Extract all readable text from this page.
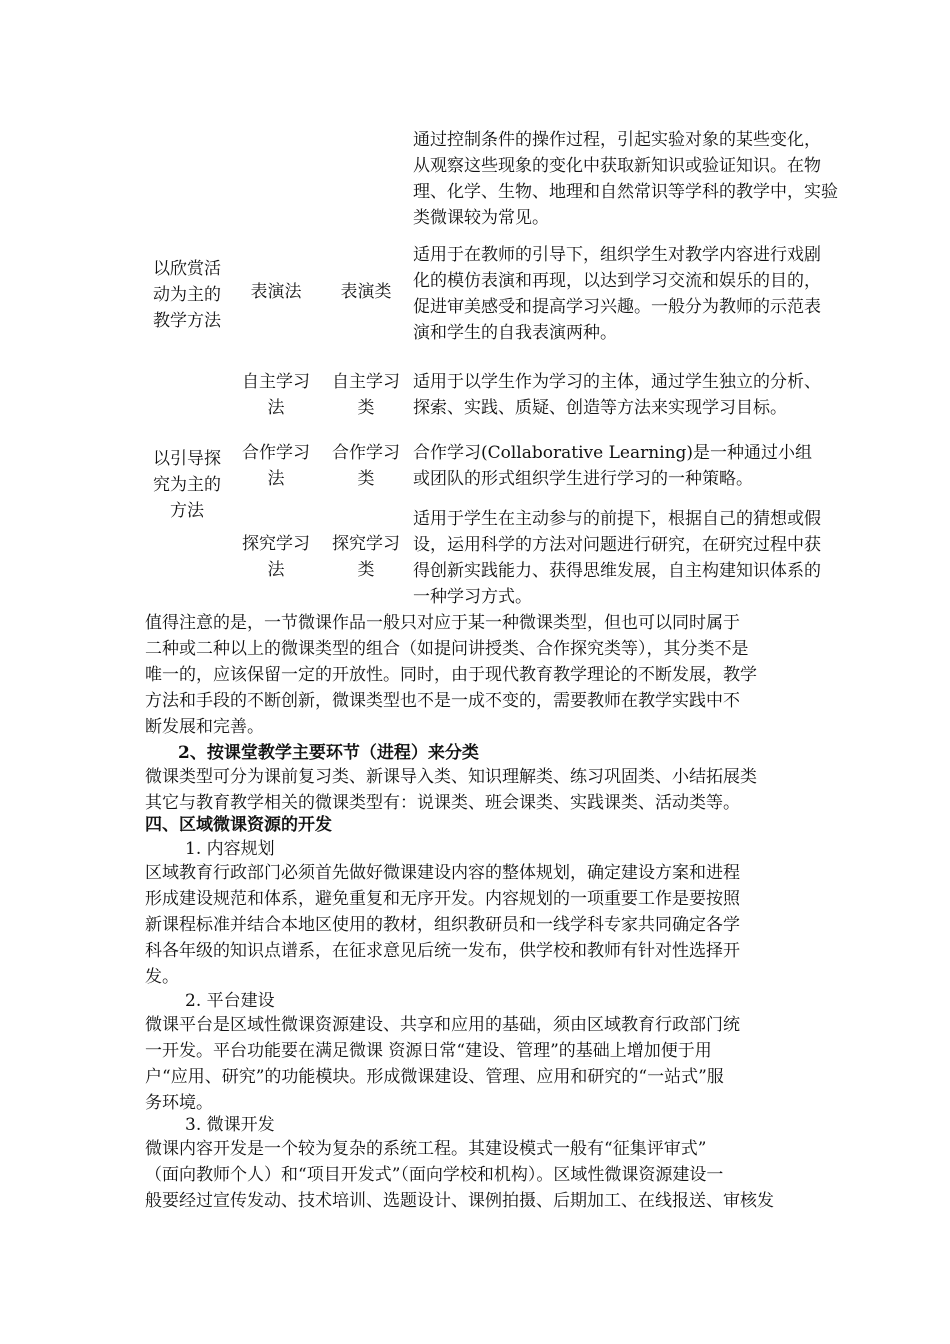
通过控制条件的操作过程，引起实验对象的某些变化，
从观察这些现象的变化中获取新知识或验证知识。在物
理、化学、生物、地理和自然常识等学科的教学中，实验
类微课较为常见。
以欣赏活
动为主的
教学方法
表演法	表演类
适用于在教师的引导下，组织学生对教学内容进行戏剧
化的模仿表演和再现，以达到学习交流和娱乐的目的，
促进审美感受和提高学习兴趣。一般分为教师的示范表
演和学生的自我表演两种。
自主学习
法
自主学习
类
适用于以学生作为学习的主体，通过学生独立的分析、
探索、实践、质疑、创造等方法来实现学习目标。
以引导探
究为主的
方法
合作学习
法
合作学习
类
合作学习(Collaborative Learning)是一种通过小组
或团队的形式组织学生进行学习的一种策略。
探究学习
法
探究学习
类
适用于学生在主动参与的前提下，根据自己的猜想或假
设，运用科学的方法对问题进行研究，在研究过程中获
得创新实践能力、获得思维发展，自主构建知识体系的
一种学习方式。
值得注意的是，一节微课作品一般只对应于某一种微课类型，但也可以同时属于
二种或二种以上的微课类型的组合（如提问讲授类、合作探究类等），其分类不是
唯一的，应该保留一定的开放性。同时，由于现代教育教学理论的不断发展，教学
方法和手段的不断创新，微课类型也不是一成不变的，需要教师在教学实践中不
断发展和完善。
2、按课堂教学主要环节（进程）来分类
微课类型可分为课前复习类、新课导入类、知识理解类、练习巩固类、小结拓展类
其它与教育教学相关的微课类型有：说课类、班会课类、实践课类、活动类等。
四、区域微课资源的开发
1. 内容规划
区域教育行政部门必须首先做好微课建设内容的整体规划，确定建设方案和进程
形成建设规范和体系，避免重复和无序开发。内容规划的一项重要工作是要按照
新课程标准并结合本地区使用的教材，组织教研员和一线学科专家共同确定各学
科各年级的知识点谱系，在征求意见后统一发布，供学校和教师有针对性选择开
发。
2. 平台建设
微课平台是区域性微课资源建设、共享和应用的基础，须由区域教育行政部门统
一开发。平台功能要在满足微课 资源日常“建设、管理”的基础上增加便于用
户“应用、研究”的功能模块。形成微课建设、管理、应用和研究的“一站式”服
务环境。
3. 微课开发
微课内容开发是一个较为复杂的系统工程。其建设模式一般有“征集评审式”
（面向教师个人）和“项目开发式”（面向学校和机构）。区域性微课资源建设一
般要经过宣传发动、技术培训、选题设计、课例拍摄、后期加工、在线报送、审核发
